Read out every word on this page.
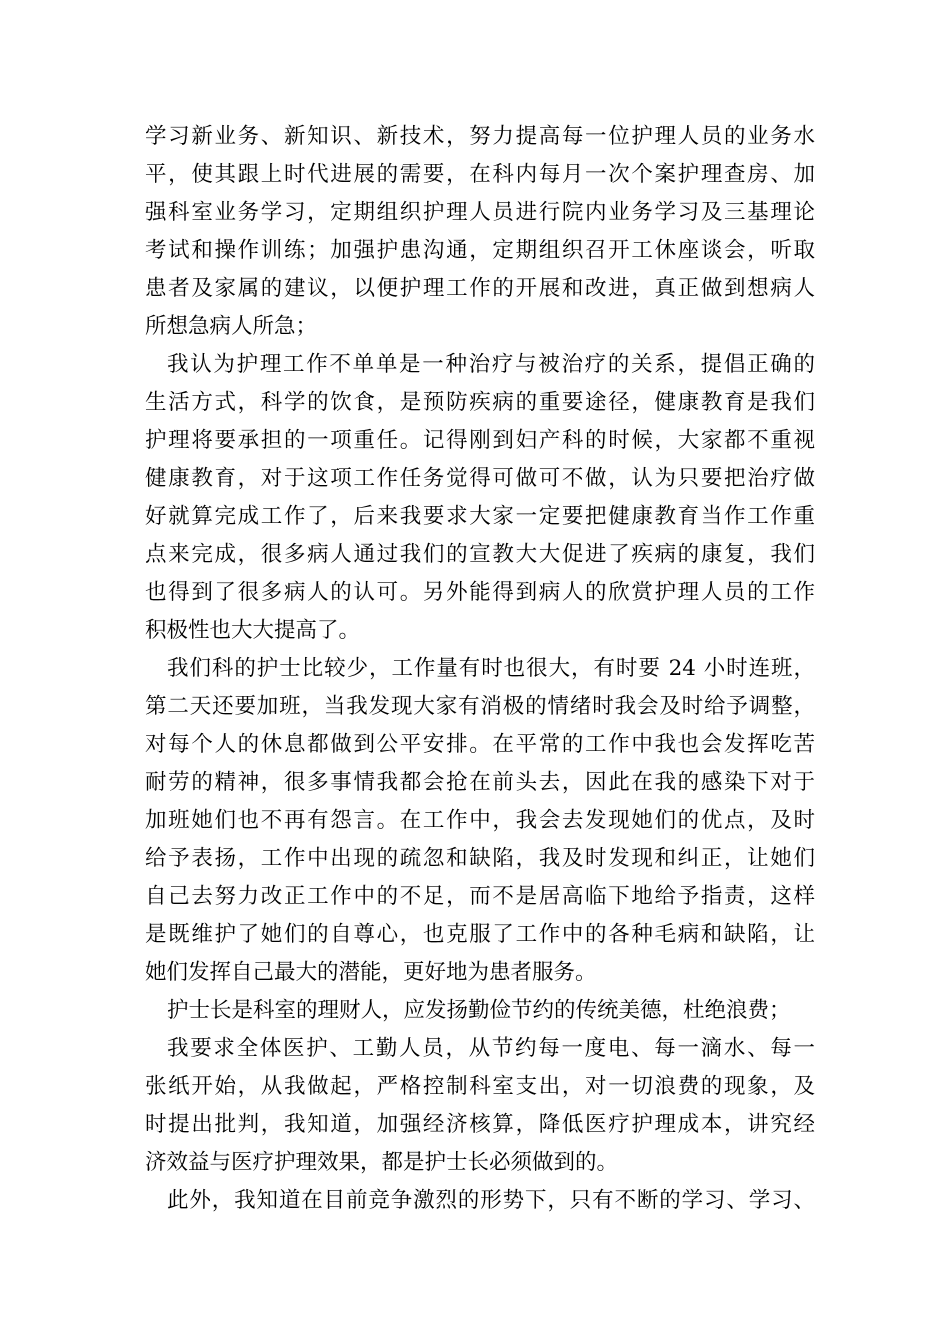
学习新业务、新知识、新技术，努力提高每一位护理人员的业务水
平，使其跟上时代进展的需要，在科内每月一次个案护理查房、加
强科室业务学习，定期组织护理人员进行院内业务学习及三基理论
考试和操作训练；加强护患沟通，定期组织召开工休座谈会，听取
患者及家属的建议，以便护理工作的开展和改进，真正做到想病人
所想急病人所急；
我认为护理工作不单单是一种治疗与被治疗的关系，提倡正确的
生活方式，科学的饮食，是预防疾病的重要途径，健康教育是我们
护理将要承担的一项重任。记得刚到妇产科的时候，大家都不重视
健康教育，对于这项工作任务觉得可做可不做，认为只要把治疗做
好就算完成工作了，后来我要求大家一定要把健康教育当作工作重
点来完成，很多病人通过我们的宣教大大促进了疾病的康复，我们
也得到了很多病人的认可。另外能得到病人的欣赏护理人员的工作
积极性也大大提高了。
我们科的护士比较少，工作量有时也很大，有时要 24 小时连班，
第二天还要加班，当我发现大家有消极的情绪时我会及时给予调整，
对每个人的休息都做到公平安排。在平常的工作中我也会发挥吃苦
耐劳的精神，很多事情我都会抢在前头去，因此在我的感染下对于
加班她们也不再有怨言。在工作中，我会去发现她们的优点，及时
给予表扬，工作中出现的疏忽和缺陷，我及时发现和纠正，让她们
自己去努力改正工作中的不足，而不是居高临下地给予指责，这样
是既维护了她们的自尊心，也克服了工作中的各种毛病和缺陷，让
她们发挥自己最大的潜能，更好地为患者服务。
护士长是科室的理财人，应发扬勤俭节约的传统美德，杜绝浪费；
我要求全体医护、工勤人员，从节约每一度电、每一滴水、每一
张纸开始，从我做起，严格控制科室支出，对一切浪费的现象，及
时提出批判，我知道，加强经济核算，降低医疗护理成本，讲究经
济效益与医疗护理效果，都是护士长必须做到的。
此外，我知道在目前竞争激烈的形势下，只有不断的学习、学习、
